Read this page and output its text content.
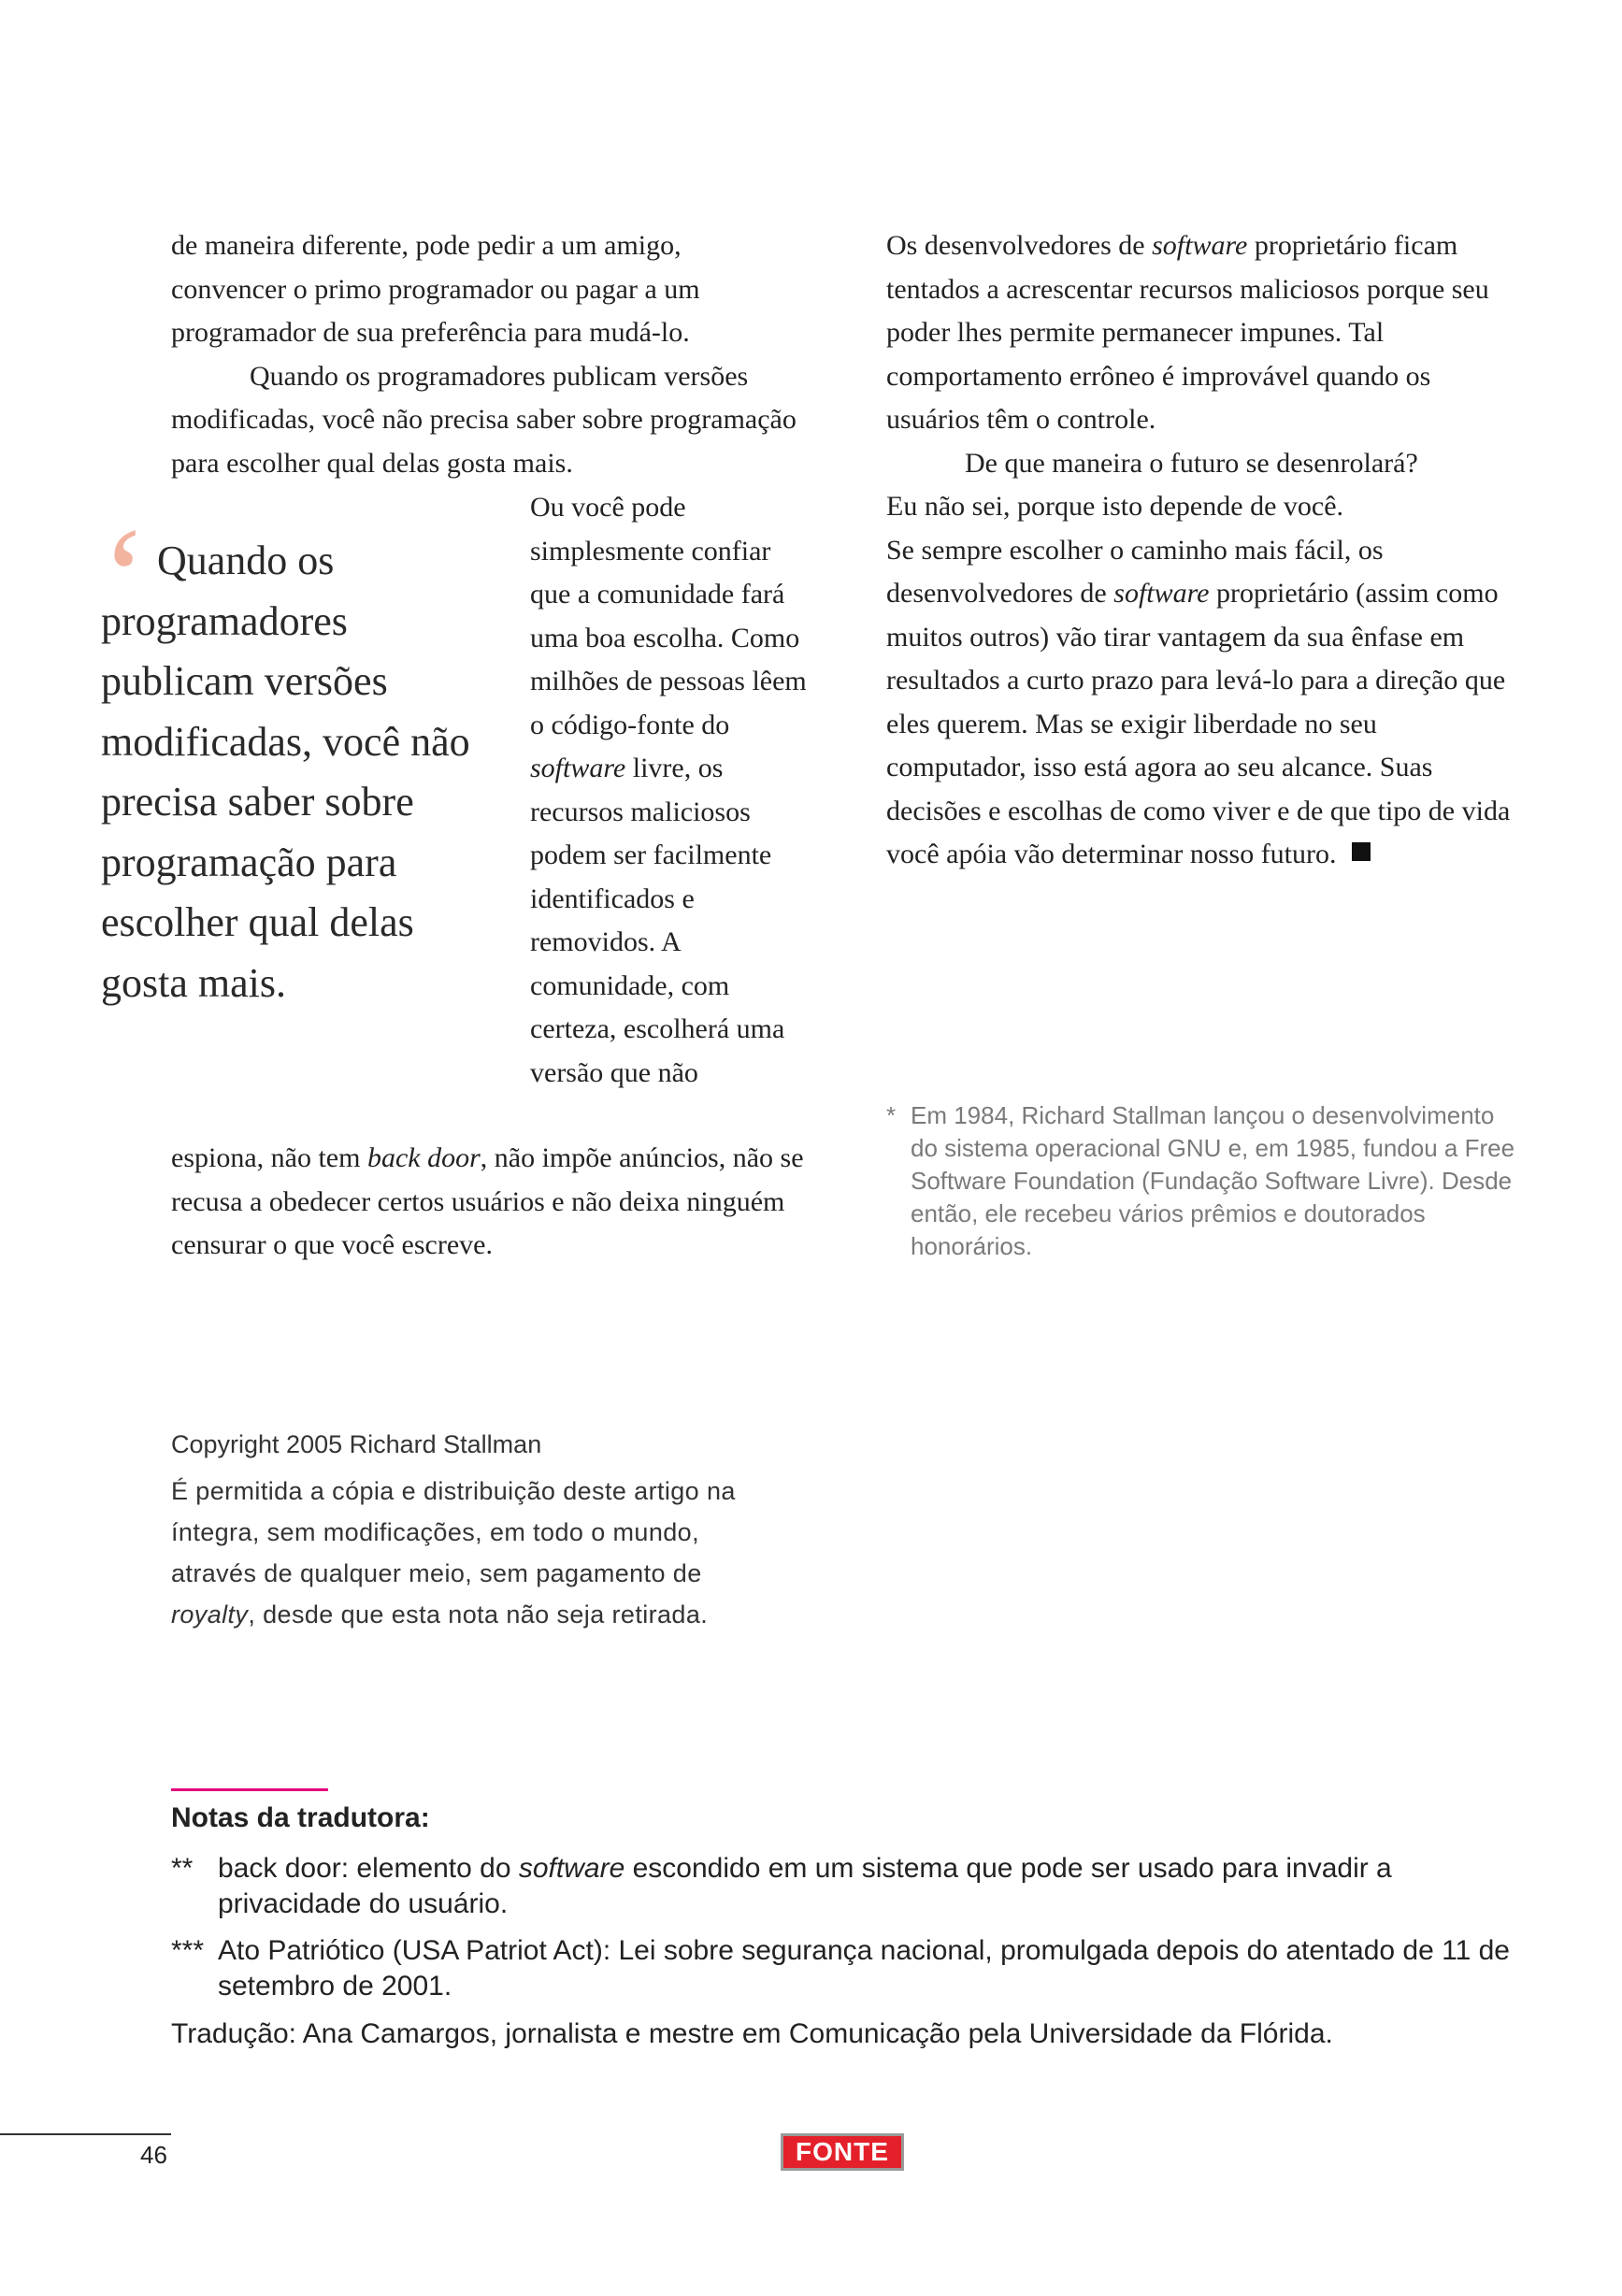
de maneira diferente, pode pedir a um amigo, convencer o primo programador ou pagar a um programador de sua preferência para mudá-lo.

Quando os programadores publicam versões modificadas, você não precisa saber sobre programação para escolher qual delas gosta mais.

‘ Quando os
programadores publicam versões modificadas, você não precisa saber sobre programação para escolher qual delas gosta mais.

Ou você pode simplesmente confiar que a comunidade fará uma boa escolha. Como milhões de pessoas lêem o código-fonte do software livre, os recursos maliciosos podem ser facilmente identificados e removidos. A comunidade, com certeza, escolherá uma versão que não

espiona, não tem back door, não impõe anúncios, não se recusa a obedecer certos usuários e não deixa ninguém censurar o que você escreve.

Os desenvolvedores de software proprietário ficam tentados a acrescentar recursos maliciosos porque seu poder lhes permite permanecer impunes. Tal comportamento errôneo é improvável quando os usuários têm o controle.

De que maneira o futuro se desenrolará?

Eu não sei, porque isto depende de você.

Se sempre escolher o caminho mais fácil, os desenvolvedores de software proprietário (assim como muitos outros) vão tirar vantagem da sua ênfase em resultados a curto prazo para levá-lo para a direção que eles querem. Mas se exigir liberdade no seu computador, isso está agora ao seu alcance. Suas decisões e escolhas de como viver e de que tipo de vida você apóia vão determinar nosso futuro.

* Em 1984, Richard Stallman lançou o desenvolvimento do sistema operacional GNU e, em 1985, fundou a Free Software Foundation (Fundação Software Livre). Desde então, ele recebeu vários prêmios e doutorados honorários.
Copyright 2005 Richard Stallman
É permitida a cópia e distribuição deste artigo na íntegra, sem modificações, em todo o mundo, através de qualquer meio, sem pagamento de royalty, desde que esta nota não seja retirada.
Notas da tradutora:
** back door: elemento do software escondido em um sistema que pode ser usado para invadir a privacidade do usuário.
*** Ato Patriótico (USA Patriot Act): Lei sobre segurança nacional, promulgada depois do atentado de 11 de setembro de 2001.
Tradução: Ana Camargos, jornalista e mestre em Comunicação pela Universidade da Flórida.
46	FONTE
